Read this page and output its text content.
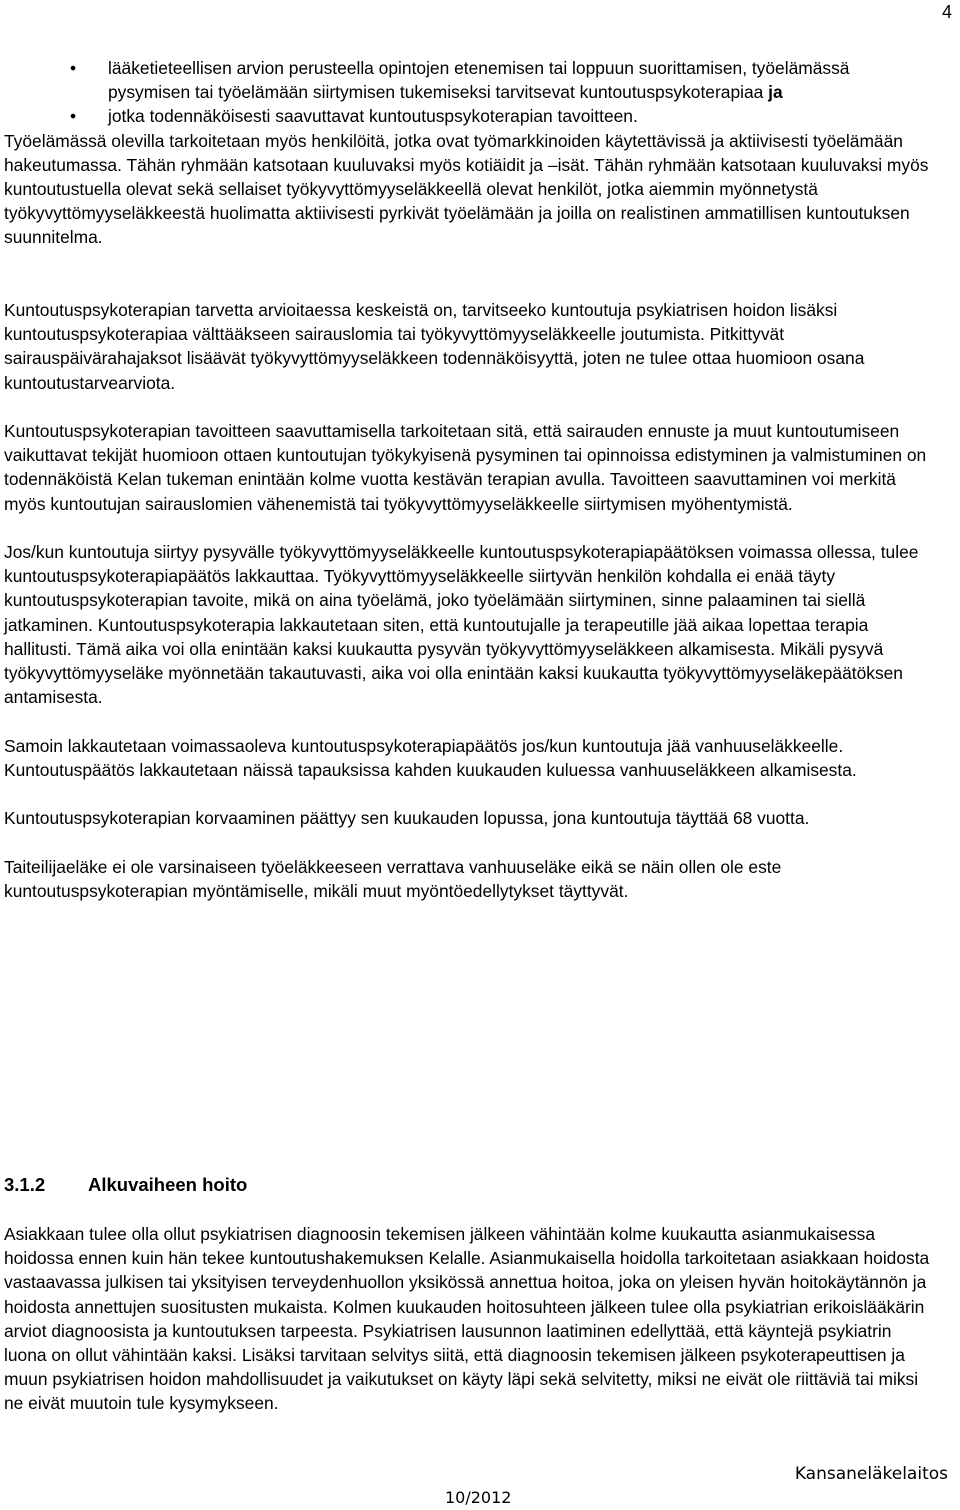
4
• lääketieteellisen arvion perusteella opintojen etenemisen tai loppuun suorittamisen, työelämässä pysymisen tai työelämään siirtymisen tukemiseksi tarvitsevat kuntoutuspsykoterapiaa ja
• jotka todennäköisesti saavuttavat kuntoutuspsykoterapian tavoitteen.

Työelämässä olevilla tarkoitetaan myös henkilöitä, jotka ovat työmarkkinoiden käytettävissä ja aktiivisesti työelämään hakeutumassa. Tähän ryhmään katsotaan kuuluvaksi myös kotiäidit ja –isät. Tähän ryhmään katsotaan kuuluvaksi myös kuntoutustuella olevat sekä sellaiset työkyvyttömyyseläkkeellä olevat henkilöt, jotka aiemmin myönnetystä työkyvyttömyyseläkkeestä huolimatta aktiivisesti pyrkivät työelämään ja joilla on realistinen ammatillisen kuntoutuksen suunnitelma.

Kuntoutuspsykoterapian tarvetta arvioitaessa keskeistä on, tarvitseeko kuntoutuja psykiatrisen hoidon lisäksi kuntoutuspsykoterapiaa välttääkseen sairauslomia tai työkyvyttömyyseläkkeelle joutumista. Pitkittyvät sairauspäivärahajaksot lisäävät työkyvyttömyyseläkkeen todennäköisyyttä, joten ne tulee ottaa huomioon osana kuntoutustarvearviota.

Kuntoutuspsykoterapian tavoitteen saavuttamisella tarkoitetaan sitä, että sairauden ennuste ja muut kuntoutumiseen vaikuttavat tekijät huomioon ottaen kuntoutujan työkykyisenä pysyminen tai opinnoissa edistyminen ja valmistuminen on todennäköistä Kelan tukeman enintään kolme vuotta kestävän terapian avulla. Tavoitteen saavuttaminen voi merkitä myös kuntoutujan sairauslomien vähenemistä tai työkyvyttömyyseläkkeelle siirtymisen myöhentymistä.

Jos/kun kuntoutuja siirtyy pysyvälle työkyvyttömyyseläkkeelle kuntoutuspsykoterapiapäätöksen voimassa ollessa, tulee kuntoutuspsykoterapiapäätös lakkauttaa. Työkyvyttömyyseläkkeelle siirtyvän henkilön kohdalla ei enää täyty kuntoutuspsykoterapian tavoite, mikä on aina työelämä, joko työelämään siirtyminen, sinne palaaminen tai siellä jatkaminen. Kuntoutuspsykoterapia lakkautetaan siten, että kuntoutujalle ja terapeutille jää aikaa lopettaa terapia hallitusti. Tämä aika voi olla enintään kaksi kuukautta pysyvän työkyvyttömyyseläkkeen alkamisesta. Mikäli pysyvä työkyvyttömyyseläke myönnetään takautuvasti, aika voi olla enintään kaksi kuukautta työkyvyttömyyseläkepäätöksen antamisesta.

Samoin lakkautetaan voimassaoleva kuntoutuspsykoterapiapäätös jos/kun kuntoutuja jää vanhuuseläkkeelle. Kuntoutuspäätös lakkautetaan näissä tapauksissa kahden kuukauden kuluessa vanhuuseläkkeen alkamisesta.

Kuntoutuspsykoterapian korvaaminen päättyy sen kuukauden lopussa, jona kuntoutuja täyttää 68 vuotta.

Taiteilijaeläke ei ole varsinaiseen työeläkkeeseen verrattava vanhuuseläke eikä se näin ollen ole este kuntoutuspsykoterapian myöntämiselle, mikäli muut myöntöedellytykset täyttyvät.

3.1.2 Alkuvaiheen hoito

Asiakkaan tulee olla ollut psykiatrisen diagnoosin tekemisen jälkeen vähintään kolme kuukautta asianmukaisessa hoidossa ennen kuin hän tekee kuntoutushakemuksen Kelalle. Asianmukaisella hoidolla tarkoitetaan asiakkaan hoidosta vastaavassa julkisen tai yksityisen terveydenhuollon yksikössä annettua hoitoa, joka on yleisen hyvän hoitokäytännön ja hoidosta annettujen suositusten mukaista. Kolmen kuukauden hoitosuhteen jälkeen tulee olla psykiatrian erikoislääkärin arviot diagnoosista ja kuntoutuksen tarpeesta. Psykiatrisen lausunnon laatiminen edellyttää, että käyntejä psykiatrin luona on ollut vähintään kaksi. Lisäksi tarvitaan selvitys siitä, että diagnoosin tekemisen jälkeen psykoterapeuttisen ja muun psykiatrisen hoidon mahdollisuudet ja vaikutukset on käyty läpi sekä selvitetty, miksi ne eivät ole riittäviä tai miksi ne eivät muutoin tule kysymykseen.

Kansaneläkelaitos
10/2012
